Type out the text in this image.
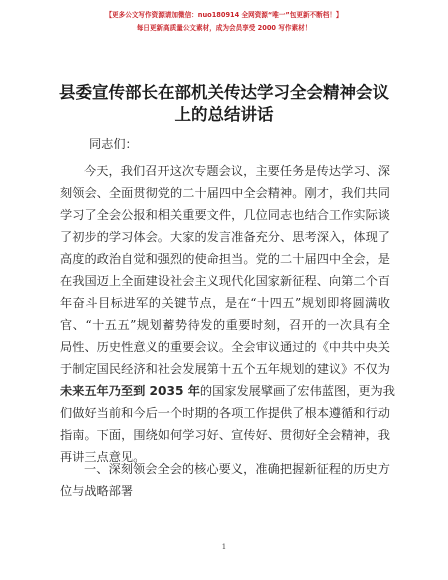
【更多公文写作资源请加微信：nuo180914 全网资源“唯一”包更新不断档！】
每日更新高质量公文素材，成为会员享受 2000 写作素材！
县委宣传部长在部机关传达学习全会精神会议
上的总结讲话
同志们：
今天，我们召开这次专题会议，主要任务是传达学习、深
刻领会、全面贯彻党的二十届四中全会精神。刚才，我们共同
学习了全会公报和相关重要文件，几位同志也结合工作实际谈
了初步的学习体会。大家的发言准备充分、思考深入，体现了
高度的政治自觉和强烈的使命担当。党的二十届四中全会，是
在我国迈上全面建设社会主义现代化国家新征程、向第二个百
年奋斗目标进军的关键节点，是在“十四五”规划即将圆满收
官、“十五五”规划蓄势待发的重要时刻，召开的一次具有全
局性、历史性意义的重要会议。全会审议通过的《中共中央关
于制定国民经济和社会发展第十五个五年规划的建议》不仅为
未来五年乃至到 2035 年的国家发展擘画了宏伟蓝图，更为我
们做好当前和今后一个时期的各项工作提供了根本遵循和行动
指南。下面，围绕如何学习好、宣传好、贯彻好全会精神，我
再讲三点意见。
一、深刻领会全会的核心要义，准确把握新征程的历史方
位与战略部署
1
